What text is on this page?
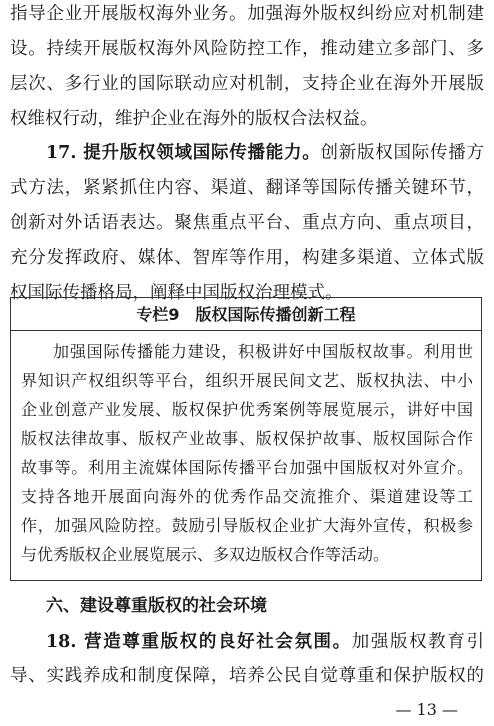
指导企业开展版权海外业务。加强海外版权纠纷应对机制建
设。持续开展版权海外风险防控工作，推动建立多部门、多
层次、多行业的国际联动应对机制，支持企业在海外开展版
权维权行动，维护企业在海外的版权合法权益。
17. 提升版权领域国际传播能力。创新版权国际传播方
式方法，紧紧抓住内容、渠道、翻译等国际传播关键环节，
创新对外话语表达。聚焦重点平台、重点方向、重点项目，
充分发挥政府、媒体、智库等作用，构建多渠道、立体式版
权国际传播格局，阐释中国版权治理模式。
专栏9　版权国际传播创新工程
加强国际传播能力建设，积极讲好中国版权故事。利用世
界知识产权组织等平台，组织开展民间文艺、版权执法、中小
企业创意产业发展、版权保护优秀案例等展览展示，讲好中国
版权法律故事、版权产业故事、版权保护故事、版权国际合作
故事等。利用主流媒体国际传播平台加强中国版权对外宣介。
支持各地开展面向海外的优秀作品交流推介、渠道建设等工
作，加强风险防控。鼓励引导版权企业扩大海外宣传，积极参
与优秀版权企业展览展示、多双边版权合作等活动。
六、建设尊重版权的社会环境
18. 营造尊重版权的良好社会氛围。加强版权教育引
导、实践养成和制度保障，培养公民自觉尊重和保护版权的
— 13 —
